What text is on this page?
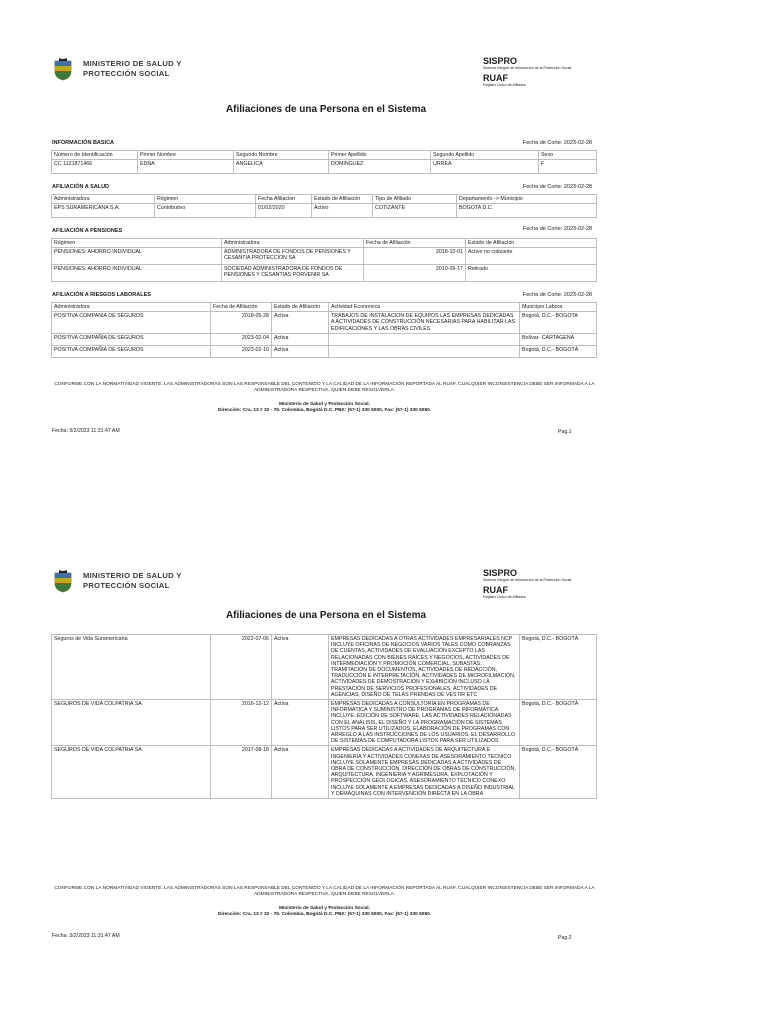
MINISTERIO DE SALUD Y
PROTECCIÓN SOCIAL
SISPRO
Sistema Integral de Información de la Protección Social
RUAF
Registro Único de Afiliados
Afiliaciones de una Persona en el Sistema
INFORMACIÓN BASICA	Fecha de Corte: 2023-02-28
Número de Identificación	Primer Nombre	Segundo Nombre	Primer Apellido	Segundo Apellido	Sexo
CC 1121871466	EDNA	ANGELICA	DOMINGUEZ	URREA	F
AFILIACIÓN A SALUD	Fecha de Corte: 2023-02-28
Administradora	Régimen	Fecha Afiliacion	Estado de Afiliación	Tipo de Afiliado	Departamento -> Municipio
EPS SURAMERICANA S.A.	Contributivo	01/02/2020	Activo	COTIZANTE	BOGOTA D.C.
AFILIACIÓN A PENSIONES	Fecha de Corte: 2023-02-28
Régimen	Administradora	Fecha de Afiliación	Estado de Afiliación
PENSIONES: AHORRO INDIVIDUAL	ADMINISTRADORA DE FONDOS DE PENSIONES Y CESANTIA PROTECCION SA	2018-10-01	Activo no cotizante
PENSIONES: AHORRO INDIVIDUAL	SOCIEDAD ADMINISTRADORA DE FONDOS DE PENSIONES Y CESANTIAS PORVENIR SA	2010-09-17	Retirado
AFILIACIÓN A RIESGOS LABORALES	Fecha de Corte: 2023-02-28
Administradora	Fecha de Afiliación	Estado de Afiliación	Actividad Economica	Municipio Labora
POSITIVA COMPANIA DE SEGUROS	2018-05-28	Activa	TRABAJOS DE INSTALACION DE EQUIPOS LAS EMPRESAS DEDICADAS A ACTIVIDADES DE CONSTRUCCIÓN NECESARIAS PARA HABILITAR LAS EDIFICACIONES Y LAS OBRAS CIVILES	Bogotá, D.C.- BOGOTA
POSITIVA COMPAÑIA DE SEGUROS	2023-02-04	Activa		Bolívar- CARTAGENA
POSITIVA COMPAÑIA DE SEGUROS	2023-02-10	Activa		Bogotá, D.C.- BOGOTÁ
CONFORME CON LA NORMATIVIDAD VIGENTE, LAS ADMINISTRADORAS SON LAS RESPONSABLE DEL CONTENIDO Y LA CALIDAD DE LA INFORMACIÓN REPORTADA AL RUAF, CUALQUIER INCONSISTENCIA DEBE SER INFORMADA A LA ADMINISTRADORA RESPECTIVA, QUIEN DEBE RESOLVERLA.
Ministerio de Salud y Protección Social.
Dirección: Cra. 13 # 32 - 76. Colombia, Bogotá D.C. PBX: (57-1) 330 5000, Fax: (57-1) 330 5050.
Fecha: 3/2/2023 11:31:47 AM	Pag.1
MINISTERIO DE SALUD Y
PROTECCIÓN SOCIAL
SISPRO
Sistema Integral de Información de la Protección Social
RUAF
Registro Único de Afiliados
Afiliaciones de una Persona en el Sistema
Seguros de Vida Suramericana	2022-07-06	Activa	EMPRESAS DEDICADAS A OTRAS ACTIVIDADES EMPRESARIALES NCP INCLUYE OFICINAS DE NEGOCIOS VARIOS TALES COMO COBRANZAS DE CUENTAS, ACTIVIDADES DE EVALUACIÓN EXCEPTO LAS RELACIONADAS CON BIENES RAÍCES Y NEGOCIOS, ACTIVIDADES DE INTERMEDIACIÓN Y PROMOCIÓN COMERCIAL, SUBASTAS, TRAMITACIÓN DE DOCUMENTOS, ACTIVIDADES DE REDACCIÓN, TRADUCCIÓN E INTERPRETACIÓN, ACTIVIDADES DE MICROFILMACIÓN, ACTIVIDADES DE DEMOSTRACIÓN Y EXHIBICIÓN INCLUSO LA PRESTACIÓN DE SERVICIOS PROFESIONALES, ACTIVIDADES DE AGENCIAS, DISEÑO DE TELAS PRENDAS DE VESTIR ETC	Bogotá, D.C.- BOGOTÁ
SEGUROS DE VIDA COLPATRIA SA	2016-12-12	Activa	EMPRESAS DEDICADAS A CONSULTORÍA EN PROGRAMAS DE INFORMÁTICA Y SUMINISTRO DE PROGRAMAS DE INFORMÁTICA INCLUYE: EDICIÓN DE SOFTWARE, LAS ACTIVIDADES RELACIONADAS CON EL ANÁLISIS, EL DISEÑO Y LA PROGRAMACIÓN DE SISTEMAS LISTOS PARA SER UTILIZADOS, ELABORACIÓN DE PROGRAMAS CON ARREGLO A LAS INSTRUCCIONES DE LOS USUARIOS, EL DESARROLLO DE SISTEMAS DE COMPUTADORA LISTOS PARA SER UTILIZADOS	Bogotá, D.C.- BOGOTÁ
SEGUROS DE VIDA COLPATRIA SA	2017-08-18	Activa	EMPRESAS DEDICADAS A ACTIVIDADES DE ARQUITECTURA E INGENIERIA Y ACTIVIDADES CONEXAS DE ASESORAMIENTO TECNICO INCLUYE SOLAMENTE EMPRESAS DEDICADAS A ACTIVIDADES DE OBRA DE CONSTRUCCIÓN, DIRECCIÓN DE OBRAS DE CONSTRUCCIÓN, ARQUITECTURA, INGENIERIA Y AGRIMESURA, EXPLOTACIÓN Y PROSPECCIÓN GEOLOGICAS, ASESORAMIENTO TÉCNICO CONEXO INCLUYE SOLAMENTE A EMPRESAS DEDICADAS A DISEÑO INDUSTRIAL Y DEMÁQUINAS CON INTERVENCIÓN DIRECTA EN LA OBRA	Bogotá, D.C.- BOGOTÁ
CONFORME CON LA NORMATIVIDAD VIGENTE, LAS ADMINISTRADORAS SON LAS RESPONSABLE DEL CONTENIDO Y LA CALIDAD DE LA INFORMACIÓN REPORTADA AL RUAF, CUALQUIER INCONSISTENCIA DEBE SER INFORMADA A LA ADMINISTRADORA RESPECTIVA, QUIEN DEBE RESOLVERLA.
Ministerio de Salud y Protección Social.
Dirección: Cra. 13 # 32 - 76. Colombia, Bogotá D.C. PBX: (57-1) 330 5000, Fax: (57-1) 330 5050.
Fecha: 3/2/2023 11:31:47 AM	Pag.2
